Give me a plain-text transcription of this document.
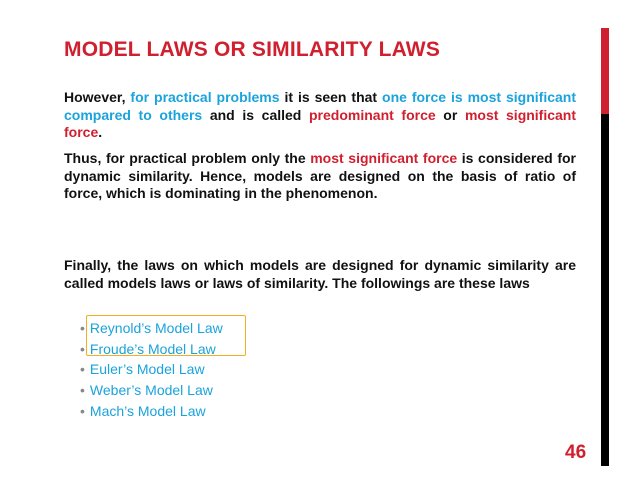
MODEL LAWS OR SIMILARITY LAWS

However, for practical problems it is seen that one force is most significant compared to others and is called predominant force or most significant force.

Thus, for practical problem only the most significant force is considered for dynamic similarity. Hence, models are designed on the basis of ratio of force, which is dominating in the phenomenon.

Finally, the laws on which models are designed for dynamic similarity are called models laws or laws of similarity. The followings are these laws

• Reynold’s Model Law
• Froude’s Model Law
• Euler’s Model Law
• Weber’s Model Law
• Mach’s Model Law
46
